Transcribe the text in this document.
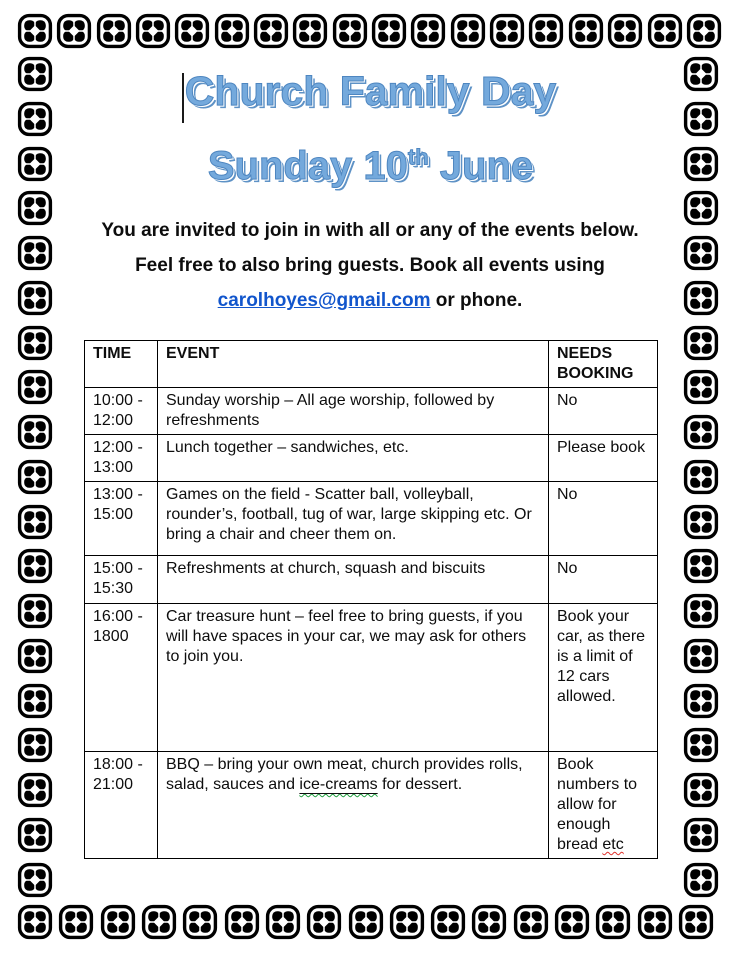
Church Family Day
Sunday 10th June
You are invited to join in with all or any of the events below.
Feel free to also bring guests. Book all events using
carolhoyes@gmail.com or phone.
TIME	EVENT	NEEDS BOOKING
10:00 - 12:00	Sunday worship – All age worship, followed by refreshments	No
12:00 - 13:00	Lunch together – sandwiches, etc.	Please book
13:00 - 15:00	Games on the field - Scatter ball, volleyball, rounder’s, football, tug of war, large skipping etc. Or bring a chair and cheer them on.	No
15:00 - 15:30	Refreshments at church, squash and biscuits	No
16:00 - 1800	Car treasure hunt – feel free to bring guests, if you will have spaces in your car, we may ask for others to join you.	Book your car, as there is a limit of 12 cars allowed.
18:00 - 21:00	BBQ – bring your own meat, church provides rolls, salad, sauces and ice-creams for dessert.	Book numbers to allow for enough bread etc
